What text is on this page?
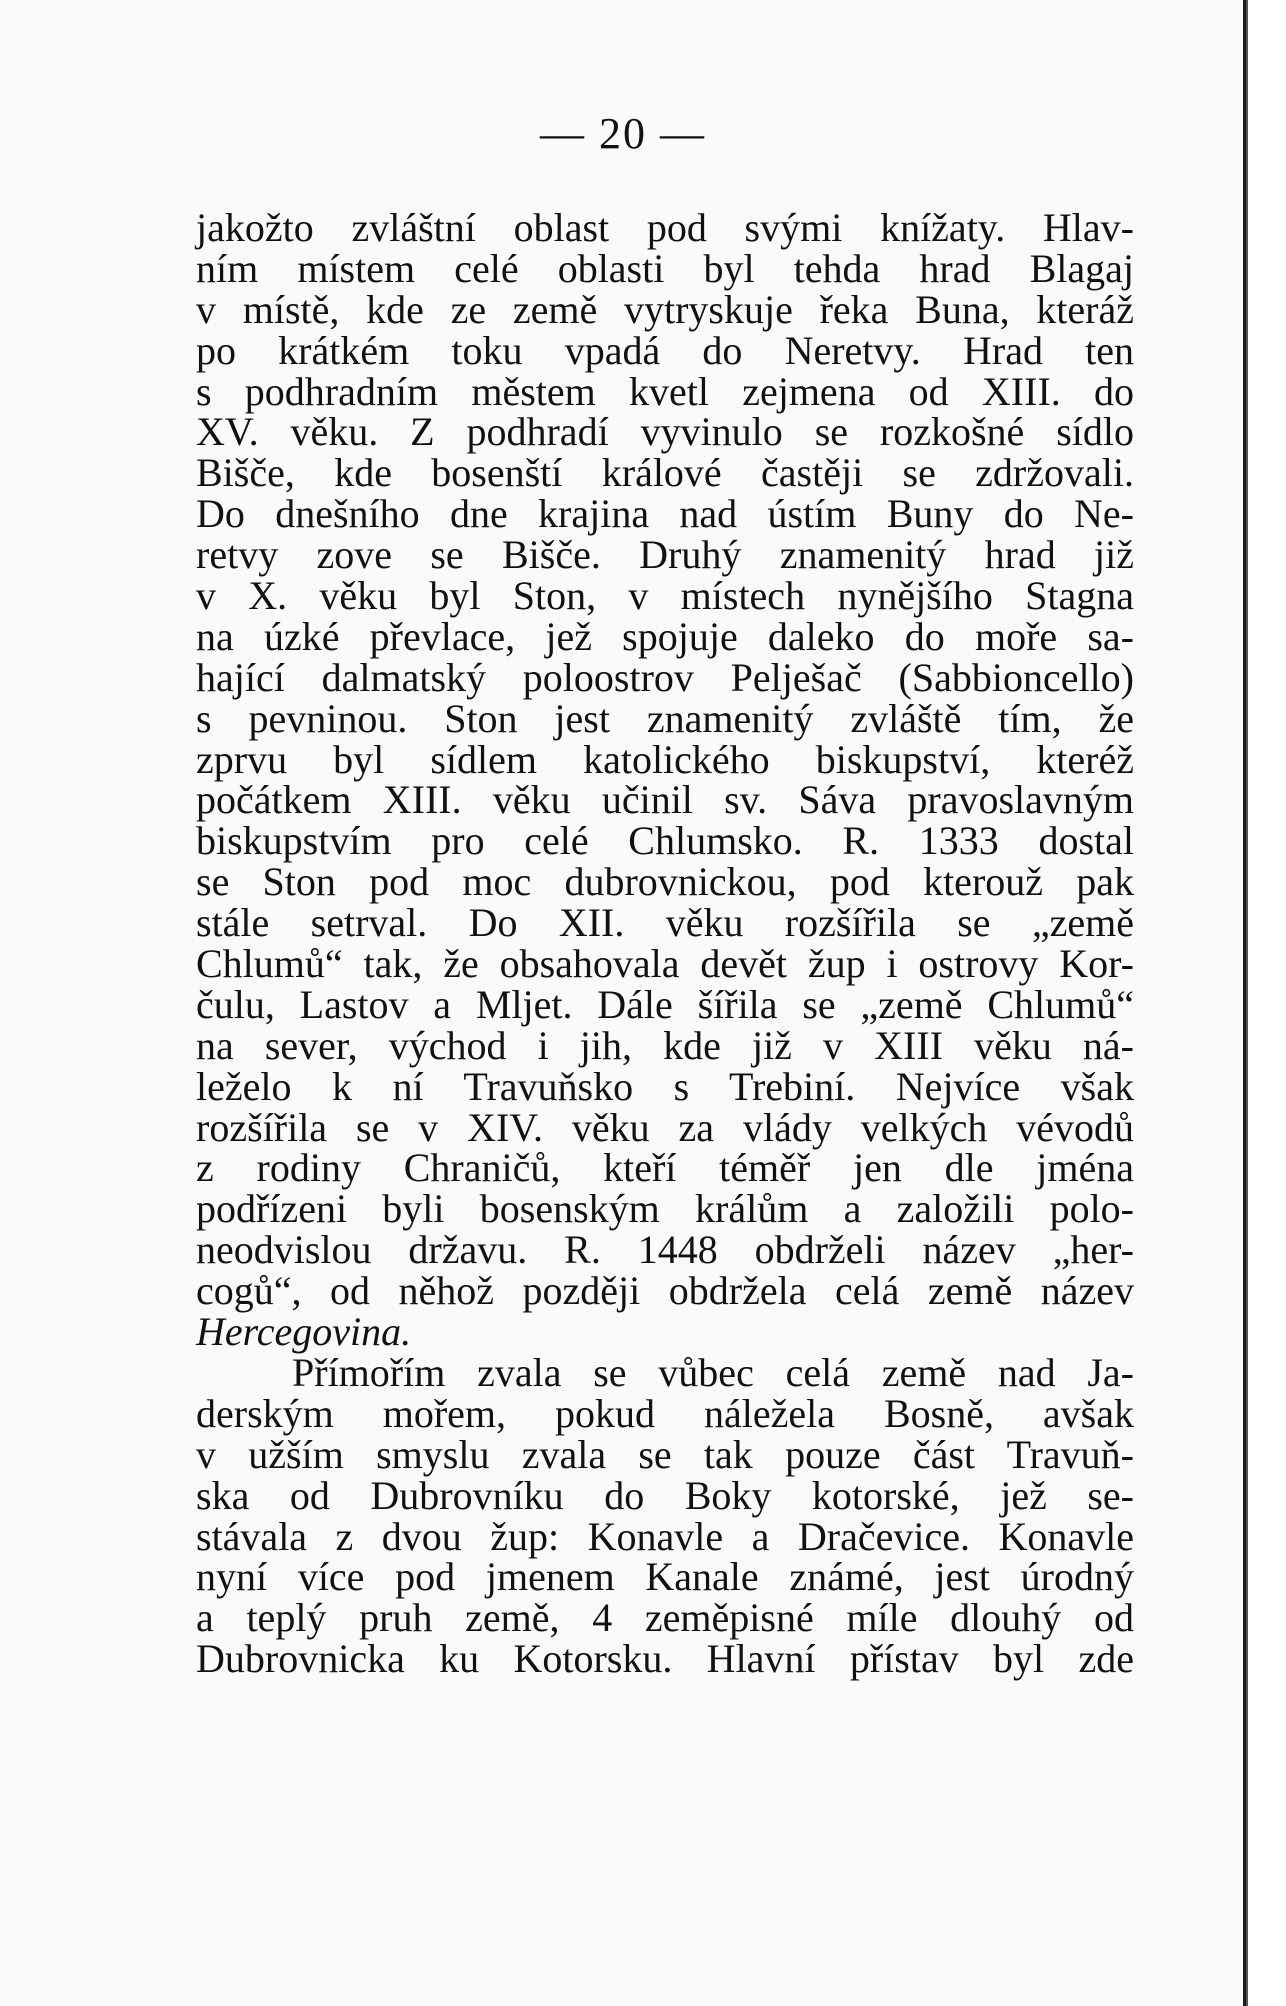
— 20 —
jakožto zvláštní oblast pod svými knížaty. Hlav-
ním místem celé oblasti byl tehda hrad Blagaj
v místě, kde ze země vytryskuje řeka Buna, kteráž
po krátkém toku vpadá do Neretvy. Hrad ten
s podhradním městem kvetl zejmena od XIII. do
XV. věku. Z podhradí vyvinulo se rozkošné sídlo
Bišče, kde bosenští králové častěji se zdržovali.
Do dnešního dne krajina nad ústím Buny do Ne-
retvy zove se Bišče. Druhý znamenitý hrad již
v X. věku byl Ston, v místech nynějšího Stagna
na úzké převlace, jež spojuje daleko do moře sa-
hající dalmatský poloostrov Pelješač (Sabbioncello)
s pevninou. Ston jest znamenitý zvláště tím, že
zprvu byl sídlem katolického biskupství, kteréž
počátkem XIII. věku učinil sv. Sáva pravoslavným
biskupstvím pro celé Chlumsko. R. 1333 dostal
se Ston pod moc dubrovnickou, pod kterouž pak
stále setrval. Do XII. věku rozšířila se „země
Chlumů“ tak, že obsahovala devět žup i ostrovy Kor-
čulu, Lastov a Mljet. Dále šířila se „země Chlumů“
na sever, východ i jih, kde již v XIII věku ná-
leželo k ní Travuňsko s Trebiní. Nejvíce však
rozšířila se v XIV. věku za vlády velkých vévodů
z rodiny Chraničů, kteří téměř jen dle jména
podřízeni byli bosenským králům a založili polo-
neodvislou državu. R. 1448 obdrželi název „her-
cogů“, od něhož později obdržela celá země název
Hercegovina.
Přímořím zvala se vůbec celá země nad Ja-
derským mořem, pokud náležela Bosně, avšak
v užším smyslu zvala se tak pouze část Travuň-
ska od Dubrovníku do Boky kotorské, jež se-
stávala z dvou žup: Konavle a Dračevice. Konavle
nyní více pod jmenem Kanale známé, jest úrodný
a teplý pruh země, 4 zeměpisné míle dlouhý od
Dubrovnicka ku Kotorsku. Hlavní přístav byl zde
